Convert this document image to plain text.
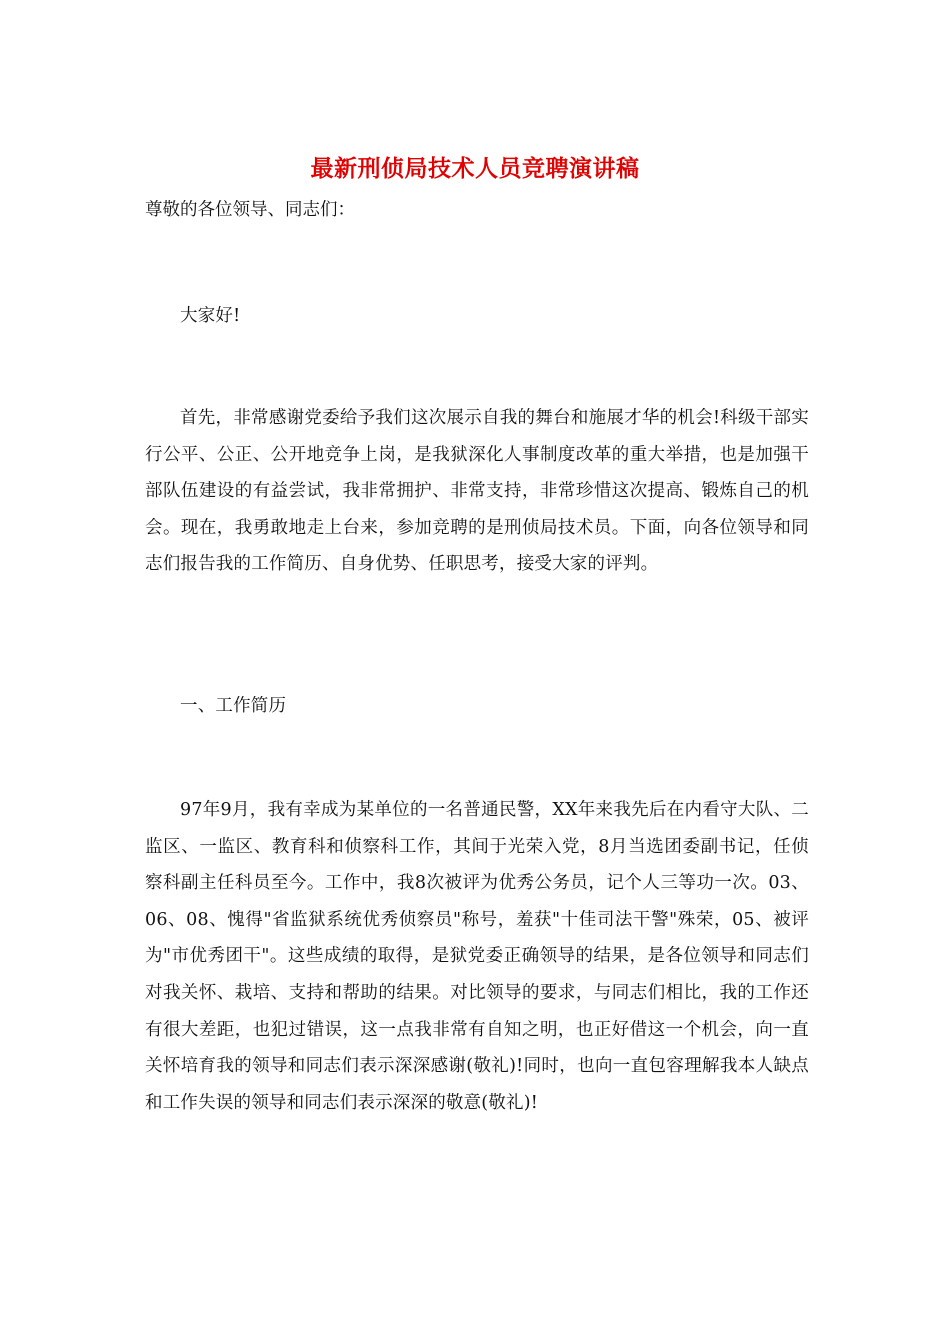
最新刑侦局技术人员竞聘演讲稿
尊敬的各位领导、同志们：
大家好!
首先，非常感谢党委给予我们这次展示自我的舞台和施展才华的机会!科级干部实行公平、公正、公开地竞争上岗，是我狱深化人事制度改革的重大举措，也是加强干部队伍建设的有益尝试，我非常拥护、非常支持，非常珍惜这次提高、锻炼自己的机会。现在，我勇敢地走上台来，参加竞聘的是刑侦局技术员。下面，向各位领导和同志们报告我的工作简历、自身优势、任职思考，接受大家的评判。
一、工作简历
97年9月，我有幸成为某单位的一名普通民警，XX年来我先后在内看守大队、二监区、一监区、教育科和侦察科工作，其间于光荣入党，8月当选团委副书记，任侦察科副主任科员至今。工作中，我8次被评为优秀公务员，记个人三等功一次。03、06、08、愧得"省监狱系统优秀侦察员"称号，羞获"十佳司法干警"殊荣，05、被评为"市优秀团干"。这些成绩的取得，是狱党委正确领导的结果，是各位领导和同志们对我关怀、栽培、支持和帮助的结果。对比领导的要求，与同志们相比，我的工作还有很大差距，也犯过错误，这一点我非常有自知之明，也正好借这一个机会，向一直关怀培育我的领导和同志们表示深深感谢(敬礼)!同时，也向一直包容理解我本人缺点和工作失误的领导和同志们表示深深的敬意(敬礼)!
